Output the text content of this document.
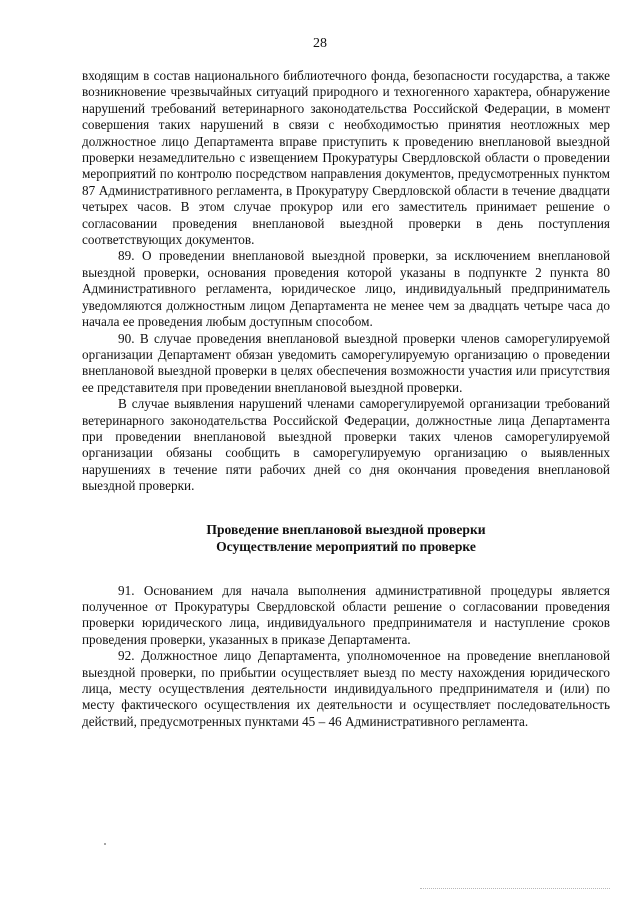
28

входящим в состав национального библиотечного фонда, безопасности государства, а также возникновение чрезвычайных ситуаций природного и техногенного характера, обнаружение нарушений требований ветеринарного законодательства Российской Федерации, в момент совершения таких нарушений в связи с необходимостью принятия неотложных мер должностное лицо Департамента вправе приступить к проведению внеплановой выездной проверки незамедлительно с извещением Прокуратуры Свердловской области о проведении мероприятий по контролю посредством направления документов, предусмотренных пунктом 87 Административного регламента, в Прокуратуру Свердловской области в течение двадцати четырех часов. В этом случае прокурор или его заместитель принимает решение о согласовании проведения внеплановой выездной проверки в день поступления соответствующих документов.

89. О проведении внеплановой выездной проверки, за исключением внеплановой выездной проверки, основания проведения которой указаны в подпункте 2 пункта 80 Административного регламента, юридическое лицо, индивидуальный предприниматель уведомляются должностным лицом Департамента не менее чем за двадцать четыре часа до начала ее проведения любым доступным способом.

90. В случае проведения внеплановой выездной проверки членов саморегулируемой организации Департамент обязан уведомить саморегулируемую организацию о проведении внеплановой выездной проверки в целях обеспечения возможности участия или присутствия ее представителя при проведении внеплановой выездной проверки.

В случае выявления нарушений членами саморегулируемой организации требований ветеринарного законодательства Российской Федерации, должностные лица Департамента при проведении внеплановой выездной проверки таких членов саморегулируемой организации обязаны сообщить в саморегулируемую организацию о выявленных нарушениях в течение пяти рабочих дней со дня окончания проведения внеплановой выездной проверки.

Проведение внеплановой выездной проверки
Осуществление мероприятий по проверке

91. Основанием для начала выполнения административной процедуры является полученное от Прокуратуры Свердловской области решение о согласовании проведения проверки юридического лица, индивидуального предпринимателя и наступление сроков проведения проверки, указанных в приказе Департамента.

92. Должностное лицо Департамента, уполномоченное на проведение внеплановой выездной проверки, по прибытии осуществляет выезд по месту нахождения юридического лица, месту осуществления деятельности индивидуального предпринимателя и (или) по месту фактического осуществления их деятельности и осуществляет последовательность действий, предусмотренных пунктами 45 – 46 Административного регламента.
